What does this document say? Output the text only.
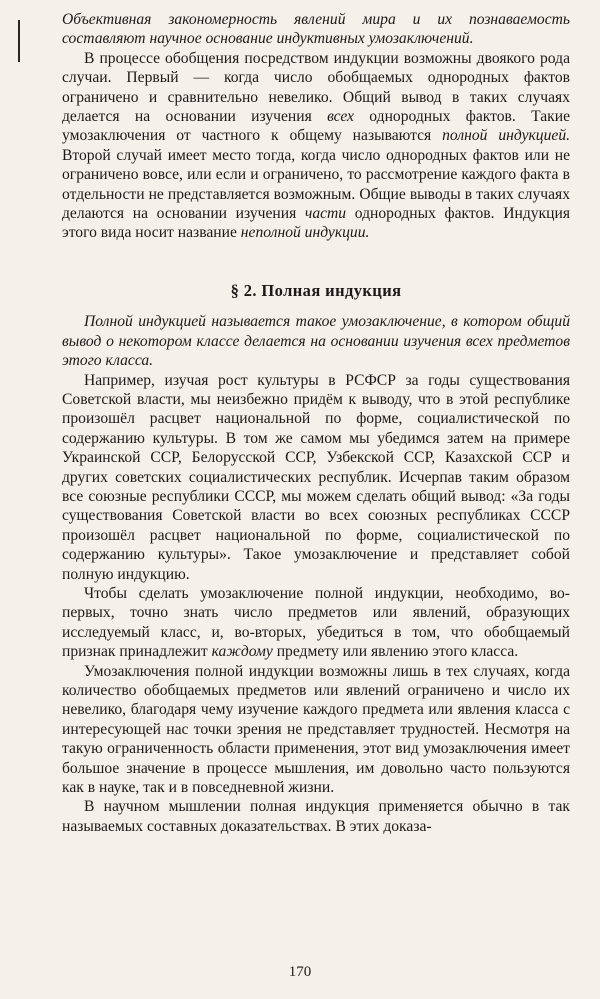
Объективная закономерность явлений мира и их познаваемость составляют научное основание индуктивных умозаключений.

В процессе обобщения посредством индукции возможны двоякого рода случаи. Первый — когда число обобщаемых однородных фактов ограничено и сравнительно невелико. Общий вывод в таких случаях делается на основании изучения всех однородных фактов. Такие умозаключения от частного к общему называются полной индукцией. Второй случай имеет место тогда, когда число однородных фактов или не ограничено вовсе, или если и ограничено, то рассмотрение каждого факта в отдельности не представляется возможным. Общие выводы в таких случаях делаются на основании изучения части однородных фактов. Индукция этого вида носит название неполной индукции.

§ 2. Полная индукция

Полной индукцией называется такое умозаключение, в котором общий вывод о некотором классе делается на основании изучения всех предметов этого класса.

Например, изучая рост культуры в РСФСР за годы существования Советской власти, мы неизбежно придём к выводу, что в этой республике произошёл расцвет национальной по форме, социалистической по содержанию культуры. В том же самом мы убедимся затем на примере Украинской ССР, Белорусской ССР, Узбекской ССР, Казахской ССР и других советских социалистических республик. Исчерпав таким образом все союзные республики СССР, мы можем сделать общий вывод: «За годы существования Советской власти во всех союзных республиках СССР произошёл расцвет национальной по форме, социалистической по содержанию культуры». Такое умозаключение и представляет собой полную индукцию.

Чтобы сделать умозаключение полной индукции, необходимо, во-первых, точно знать число предметов или явлений, образующих исследуемый класс, и, во-вторых, убедиться в том, что обобщаемый признак принадлежит каждому предмету или явлению этого класса.

Умозаключения полной индукции возможны лишь в тех случаях, когда количество обобщаемых предметов или явлений ограничено и число их невелико, благодаря чему изучение каждого предмета или явления класса с интересующей нас точки зрения не представляет трудностей. Несмотря на такую ограниченность области применения, этот вид умозаключения имеет большое значение в процессе мышления, им довольно часто пользуются как в науке, так и в повседневной жизни.

В научном мышлении полная индукция применяется обычно в так называемых составных доказательствах. В этих доказа-

170
